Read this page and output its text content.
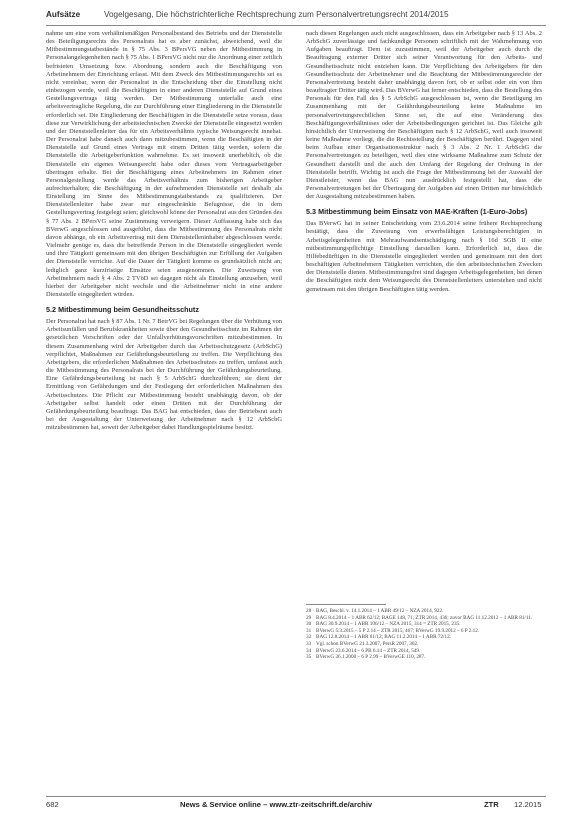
Aufsätze	Vogelgesang, Die höchstrichterliche Rechtsprechung zum Personalvertretungsrecht 2014/2015

nahme um eine vom verhältnismäßigen Personalbestand des Betriebs und der Dienststelle des Beteiligungsrechts des Personalrats hat es aber zunächst, abweichend, weil die Mitbestimmungstatbestände in § 75 Abs. 3 BPersVG neben der Mitbestimmung in Personalangelegenheiten nach § 75 Abs. 1 BPersVG nicht nur die Anordnung einer zeitlich befristeten Umsetzung bzw. Abordnung, sondern auch die Beschäftigung von Arbeitnehmern der Einrichtung erfasst. Mit dem Zweck des Mitbestimmungsrechts sei es nicht vereinbar, wenn der Personalrat in die Entscheidung über die Einstellung nicht einbezogen werde, weil die Beschäftigten in einer anderen Dienststelle auf Grund eines Gestellungsvertrags tätig werden. Der Mitbestimmung unterfalle auch eine arbeitsvertragliche Regelung, die zur Durchführung einer Eingliederung in die Dienststelle erforderlich sei. Die Eingliederung der Beschäftigten in die Dienststelle setze voraus, dass diese zur Verwirklichung der arbeitstechnischen Zwecke der Dienststelle eingesetzt werden und der Dienststellenleiter das für ein Arbeitsverhältnis typische Weisungsrecht innehat. Der Personalrat habe danach auch dann mitzubestimmen, wenn die Beschäftigten in der Dienststelle auf Grund eines Vertrags mit einem Dritten tätig werden, sofern die Dienststelle die Arbeitgeberfunktion wahrnehme. Es sei insoweit unerheblich, ob die Dienststelle ein eigenes Weisungsrecht habe oder dieses vom Vertragsarbeitgeber übertragen erhalte. Bei der Beschäftigung eines Arbeitnehmers im Rahmen einer Personalgestellung werde das Arbeitsverhältnis zum bisherigen Arbeitgeber aufrechterhalten; die Beschäftigung in der aufnehmenden Dienststelle sei deshalb als Einstellung im Sinne des Mitbestimmungstatbestands zu qualifizieren. Der Dienststellenleiter habe zwar nur eingeschränkte Befugnisse, die in dem Gestellungsvertrag festgelegt seien; gleichwohl könne der Personalrat aus den Gründen des § 77 Abs. 2 BPersVG seine Zustimmung verweigern. Dieser Auffassung habe sich das BVerwG angeschlossen und ausgeführt, dass die Mitbestimmung des Personalrats nicht davon abhänge, ob ein Arbeitsvertrag mit dem Dienststelleninhaber abgeschlossen werde. Vielmehr genüge es, dass die betreffende Person in die Dienststelle eingegliedert werde und ihre Tätigkeit gemeinsam mit den übrigen Beschäftigten zur Erfüllung der Aufgaben der Dienststelle verrichte. Auf die Dauer der Tätigkeit komme es grundsätzlich nicht an; lediglich ganz kurzfristige Einsätze seien ausgenommen. Die Zuweisung von Arbeitnehmern nach § 4 Abs. 2 TVöD sei dagegen nicht als Einstellung anzusehen, weil hierbei der Arbeitgeber nicht wechsle und die Arbeitnehmer nicht in eine andere Dienststelle eingegliedert würden.

5.2 Mitbestimmung beim Gesundheitsschutz

Der Personalrat hat nach § 87 Abs. 1 Nr. 7 BetrVG bei Regelungen über die Verhütung von Arbeitsunfällen und Berufskrankheiten sowie über den Gesundheitsschutz im Rahmen der gesetzlichen Vorschriften oder der Unfallverhütungsvorschriften mitzubestimmen. In diesem Zusammenhang wird der Arbeitgeber durch das Arbeitsschutzgesetz (ArbSchG) verpflichtet, Maßnahmen zur Gefährdungsbeurteilung zu treffen. Die Verpflichtung des Arbeitgebers, die erforderlichen Maßnahmen des Arbeitsschutzes zu treffen, umfasst auch die Mitbestimmung des Personalrats bei der Durchführung der Gefährdungsbeurteilung. Eine Gefährdungsbeurteilung ist nach § 5 ArbSchG durchzuführen; sie dient der Ermittlung von Gefährdungen und der Festlegung der erforderlichen Maßnahmen des Arbeitsschutzes. Die Pflicht zur Mitbestimmung besteht unabhängig davon, ob der Arbeitgeber selbst handelt oder einen Dritten mit der Durchführung der Gefährdungsbeurteilung beauftragt. Das BAG hat entschieden, dass der Betriebsrat auch bei der Ausgestaltung der Unterweisung der Arbeitnehmer nach § 12 ArbSchG mitzubestimmen hat, soweit der Arbeitgeber dabei Handlungsspielräume besitzt.

nach diesen Regelungen auch nicht ausgeschlossen, dass ein Arbeitgeber nach § 13 Abs. 2 ArbSchG zuverlässige und fachkundige Personen schriftlich mit der Wahrnehmung von Aufgaben beauftragt. Dem ist zuzustimmen, weil der Arbeitgeber auch durch die Beauftragung externer Dritter sich seiner Verantwortung für den Arbeits- und Gesundheitsschutz nicht entziehen kann. Die Verpflichtung des Arbeitgebers für den Gesundheitsschutz der Arbeitnehmer und die Beachtung der Mitbestimmungsrechte der Personalvertretung besteht daher unabhängig davon fort, ob er selbst oder ein von ihm beauftragter Dritter tätig wird. Das BVerwG hat ferner entschieden, dass die Bestellung des Personals für den Fall des § 5 ArbSchG ausgeschlossen ist, wenn die Beteiligung im Zusammenhang mit der Gefährdungsbeurteilung keine Maßnahme im personalvertretungsrechtlichen Sinne sei, die auf eine Veränderung des Beschäftigungsverhältnisses oder der Arbeitsbedingungen gerichtet ist. Das Gleiche gilt hinsichtlich der Unterweisung der Beschäftigten nach § 12 ArbSchG, weil auch insoweit keine Maßnahme vorliegt, die die Rechtsstellung der Beschäftigten berührt. Dagegen sind beim Aufbau einer Organisationsstruktur nach § 3 Abs. 2 Nr. 1 ArbSchG die Personalvertretungen zu beteiligen, weil dies eine wirksame Maßnahme zum Schutz der Gesundheit darstellt und die auch den Umfang der Regelung der Ordnung in der Dienststelle betrifft. Wichtig ist auch die Frage der Mitbestimmung bei der Auswahl der Dienstleister, wenn das BAG nun ausdrücklich festgestellt hat, dass die Personalvertretungen bei der Übertragung der Aufgaben auf einen Dritten nur hinsichtlich der Ausgestaltung mitzubestimmen haben.

5.3 Mitbestimmung beim Einsatz von MAE-Kräften (1-Euro-Jobs)

Das BVerwG hat in seiner Entscheidung vom 23.6.2014 seine frühere Rechtsprechung bestätigt, dass die Zuweisung von erwerbsfähigen Leistungsberechtigten in Arbeitsgelegenheiten mit Mehraufwandsentschädigung nach § 16d SGB II eine mitbestimmungspflichtige Einstellung darstellen kann. Erforderlich ist, dass die Hilfebedürftigen in die Dienststelle eingegliedert werden und gemeinsam mit den dort beschäftigten Arbeitnehmern Tätigkeiten verrichten, die den arbeitstechnischen Zwecken der Dienststelle dienen. Mitbestimmungsfrei sind dagegen Arbeitsgelegenheiten, bei denen die Beschäftigten nicht dem Weisungsrecht des Dienststellenleiters unterstehen und nicht gemeinsam mit den übrigen Beschäftigten tätig werden.

28 BAG, Beschl. v. 14.1.2014 – 1 ABR 49/12 – NZA 2014, 922.
29 BAG 8.4.2014 – 1 ABR 62/12; BAGE 148, 71; ZTR 2014, 436; zuvor BAG 11.12.2012 – 1 ABR 81/11.
30 BAG 30.9.2014 – 1 ABR 106/12 – NZA 2015, 314 = ZTR 2015, 235.
31 BVerwG 5.3.2015 – 5 P 2.14 – ZTR 2015, 467; BVerwG 19.9.2012 – 6 P 2.12.
32 BAG 12.8.2014 – 1 ABR 61/12; BAG 11.2.2014 – 1 ABR 72/12.
33 Vgl. schon BVerwG 21.3.2007, PersR 2007, 302.
34 BVerwG 23.6.2014 – 6 PB 6.14 – ZTR 2014, 549.
35 BVerwG 26.1.2000 – 6 P 2.99 – BVerwGE 110, 287.
682	News & Service online – www.ztr-zeitschrift.de/archiv	ZTR 12.2015
